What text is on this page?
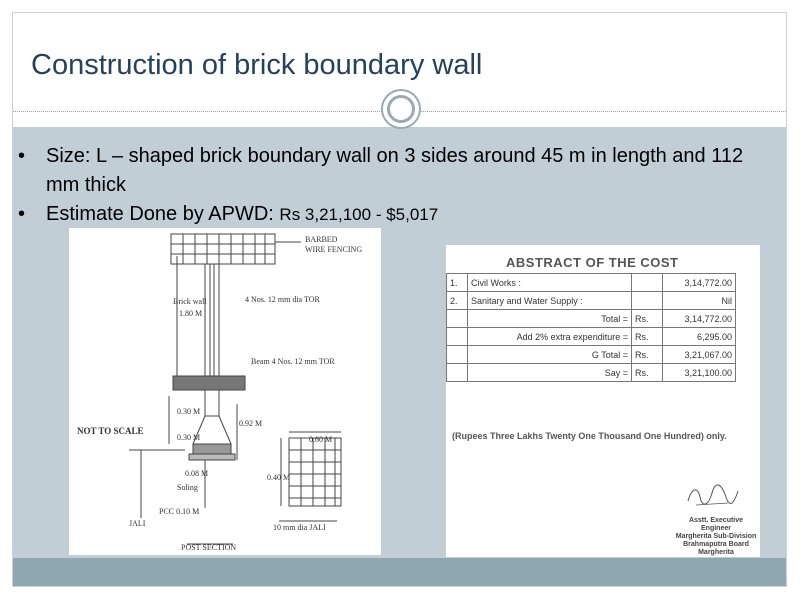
Construction of brick boundary wall
• Size: L – shaped brick boundary wall on 3 sides around 45 m in length and 112 mm thick
• Estimate Done by APWD: Rs 3,21,100 - $5,017
BARBED
WIRE FENCING
Brick wall
1.80 M
4 Nos. 12 mm dia TOR
Beam 4 Nos. 12 mm TOR
0.30 M
0.92 M
0.30 M	0.60 M
NOT TO SCALE
0.08 M
Soling
0.40 M
PCC 0.10 M
JALI	10 mm dia JALI
POST SECTION
ABSTRACT OF THE COST
1.	Civil Works :		3,14,772.00
2.	Sanitary and Water Supply :		Nil
	Total =	Rs.	3,14,772.00
	Add 2% extra expenditure =	Rs.	6,295.00
	G Total =	Rs.	3,21,067.00
	Say =	Rs.	3,21,100.00
(Rupees Three Lakhs Twenty One Thousand One Hundred) only.
Asstt. Executive Engineer
Margherita Sub-Division
Brahmaputra Board
Margherita
